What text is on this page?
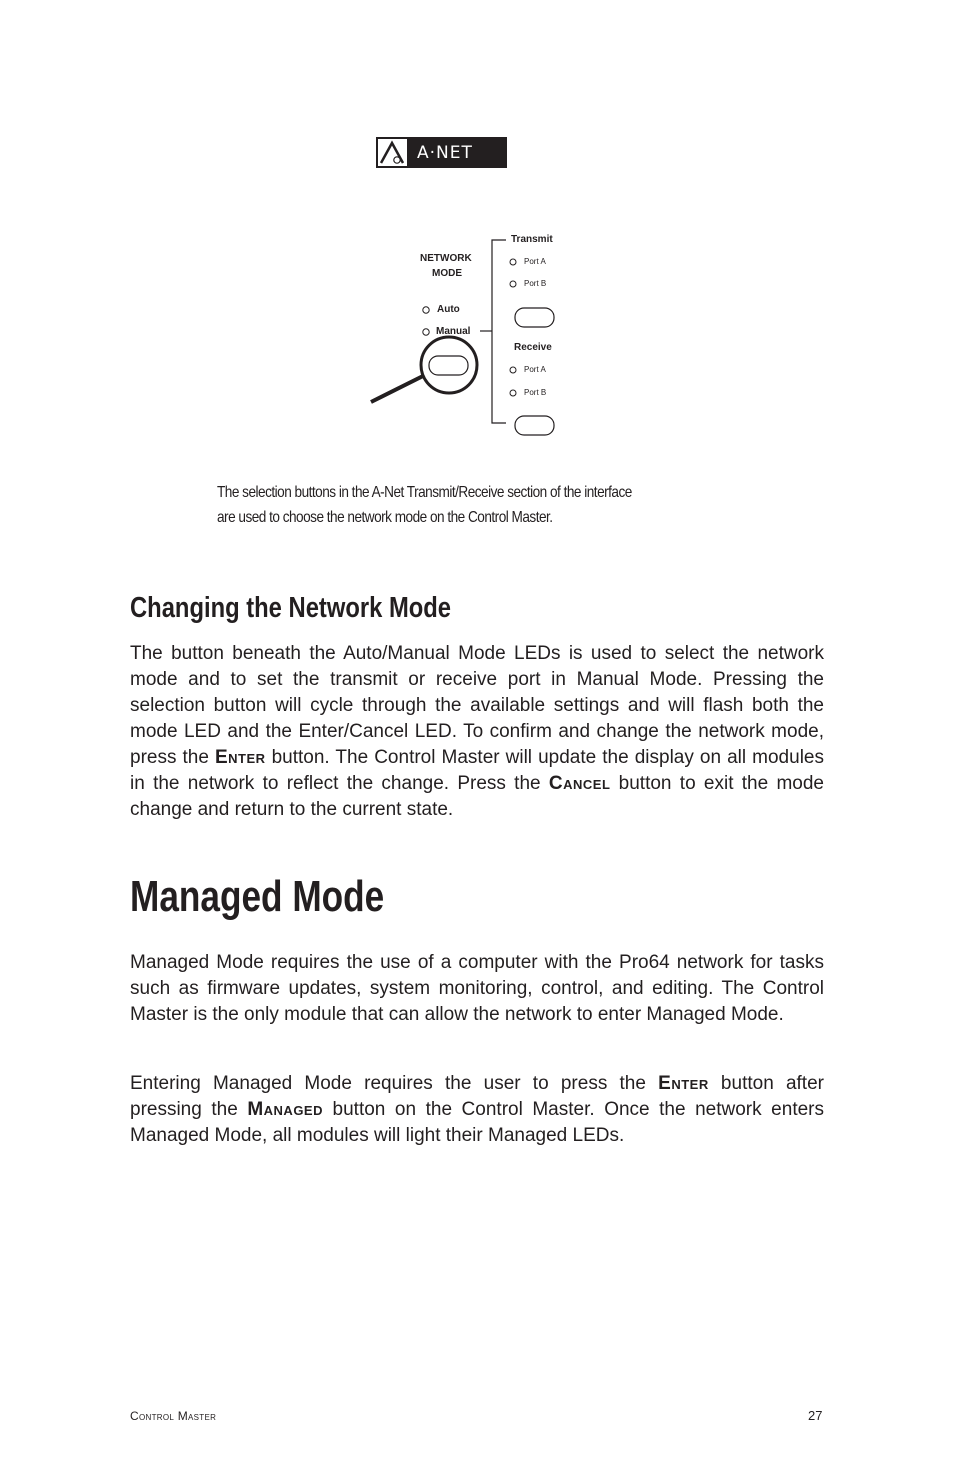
A·NET
NETWORK
MODE
Auto
Manual
Transmit
Port A
Port B
Receive
Port A
Port B
The selection buttons in the A-Net Transmit/Receive section of the interface
are used to choose the network mode on the Control Master.
Changing the Network Mode

The button beneath the Auto/Manual Mode LEDs is used to select the network mode and to set the transmit or receive port in Manual Mode. Pressing the selection button will cycle through the available settings and will flash both the mode LED and the Enter/Cancel LED. To confirm and change the network mode, press the Enter button. The Control Master will update the display on all modules in the network to reflect the change. Press the Cancel button to exit the mode change and return to the current state.

Managed Mode

Managed Mode requires the use of a computer with the Pro64 network for tasks such as firmware updates, system monitoring, control, and editing. The Control Master is the only module that can allow the network to enter Managed Mode.

Entering Managed Mode requires the user to press the Enter button after pressing the Managed button on the Control Master. Once the network enters Managed Mode, all modules will light their Managed LEDs.

Control Master	27
